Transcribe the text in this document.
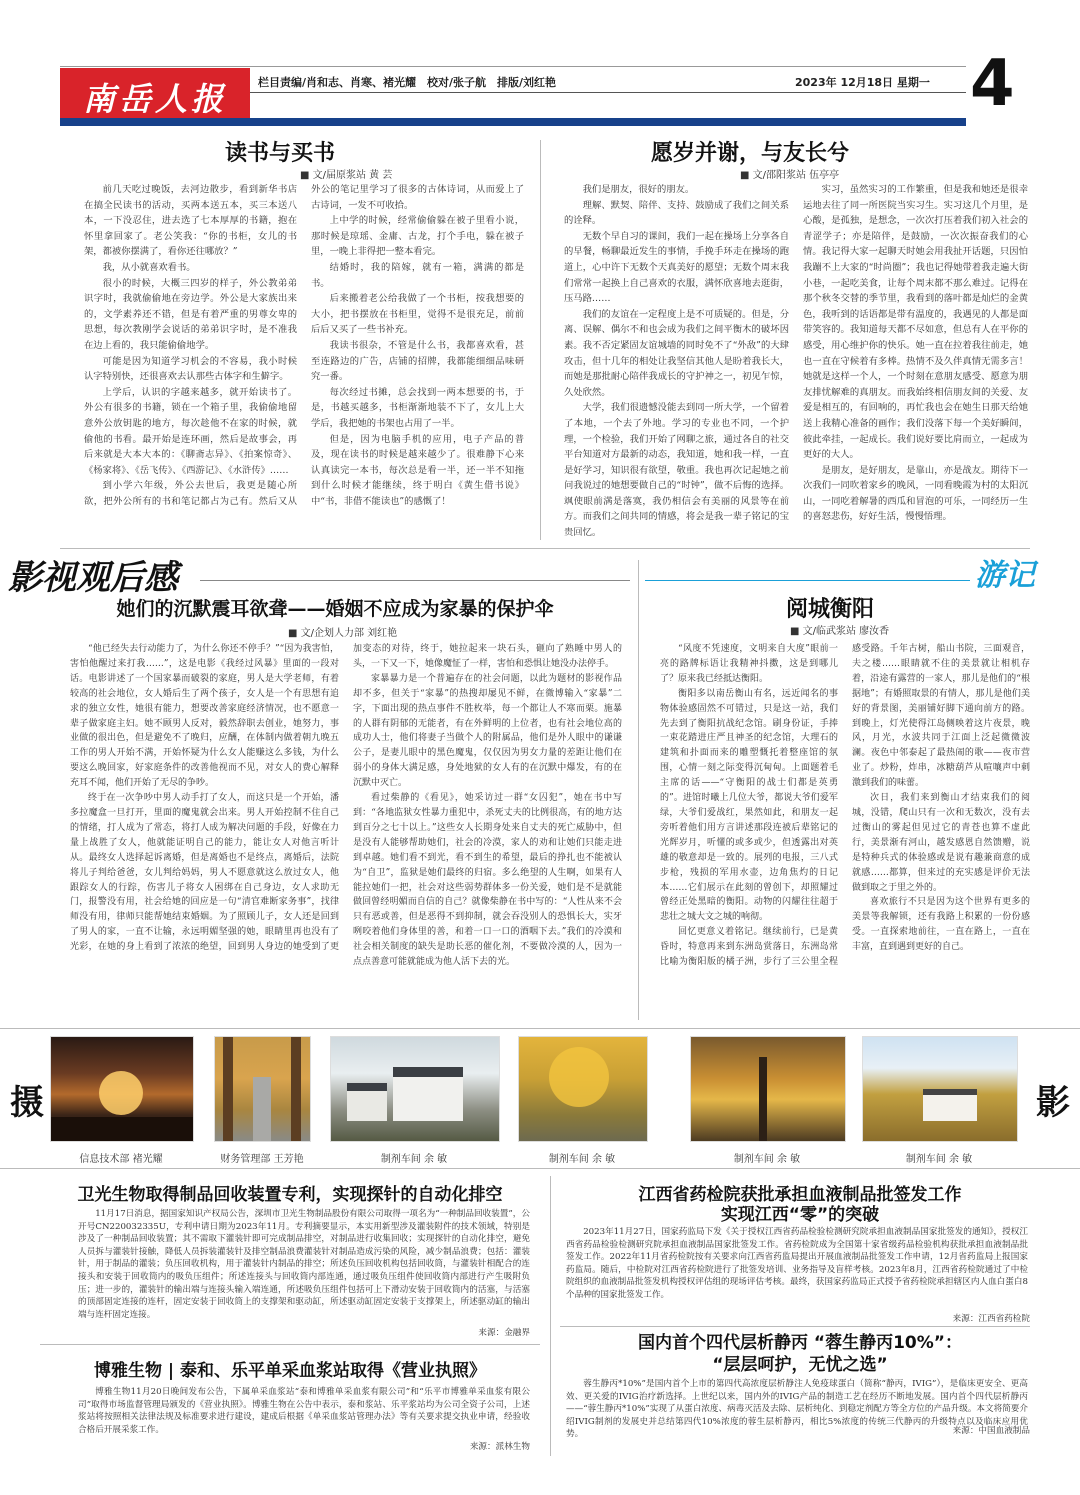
南岳人报	栏目责编/肖和志、肖寒、褚光耀　校对/张子航　排版/刘红艳	2023年 12月18日 星期一 4
读书与买书
■ 文/届原浆站 黄 芸

前几天吃过晚饭，去河边散步，看到新华书店在搞全民读书的活动，买两本送五本，买三本送八本，一下没忍住，进去选了七本厚厚的书籍，抱在怀里拿回家了。老公笑我：“你的书柜，女儿的书架，都被你摆满了，看你还往哪放？”

我，从小就喜欢看书。

很小的时候，大概三四岁的样子，外公教弟弟识字时，我就偷偷地在旁边学。外公是大家族出来的，文学素养还不错，但是有着严重的男尊女卑的思想，每次教刚学会说话的弟弟识字时，是不准我在边上看的，我只能偷偷地学。

可能是因为知道学习机会的不容易，我小时候认字特别快，还很喜欢去认那些古体字和生僻字。

上学后，认识的字越来越多，就开始读书了。外公有很多的书籍，锁在一个箱子里，我偷偷地留意外公放钥匙的地方，每次趁他不在家的时候，就偷他的书看。最开始是连环画，然后是故事会，再后来就是大本大本的：《聊斋志异》、《拍案惊奇》、《杨家将》、《岳飞传》、《西游记》、《水浒传》……

到小学六年级，外公去世后，我更是随心所欲，把外公所有的书和笔记都占为己有。然后又从外公的笔记里学习了很多的古体诗词，从而爱上了古诗词，一发不可收拾。

上中学的时候，经常偷偷躲在被子里看小说，那时候是琼瑶、金庸、古龙，打个手电，躲在被子里，一晚上非得把一整本看完。

结婚时，我的陪嫁，就有一箱，满满的都是书。

后来搬着老公给我做了一个书柜，按我想要的大小，把书摆放在书柜里，觉得不是很充足，前前后后又买了一些书补充。

我读书很杂，不管是什么书，我都喜欢看，甚至连路边的广告，店铺的招牌，我都能细细品味研究一番。

每次经过书摊，总会找到一两本想要的书，于是，书越买越多，书柜渐渐地装不下了，女儿上大学后，我把她的书架也占用了一半。

但是，因为电脑手机的应用，电子产品的普及，现在读书的时候是越来越少了。很难静下心来认真读完一本书，每次总是看一半，还一半不知拖到什么时候才能继续，终于明白《黄生借书说》中“书，非借不能读也”的感慨了！

愿岁并谢，与友长兮
■ 文/邵阳浆站 伍亭亭

我们是朋友，很好的朋友。

理解、默契、陪伴、支持、鼓励成了我们之间关系的诠释。

无数个早自习的课间，我们一起在操场上分享各自的早餐，畅聊最近发生的事情，手挽手环走在操场的跑道上，心中许下无数个天真美好的愿望；无数个周末我们常常一起换上自己喜欢的衣服，满怀欣喜地去逛街，压马路……

我们的友谊在一定程度上是不可质疑的。但是，分离、误解、偶尔不和也会成为我们之间平衡木的破坏因素。我不否定紧固友谊城墙的同时免不了“外敌”的大肆攻击，但十几年的相处让我坚信其他人是盼着我长大，而她是那批耐心陪伴我成长的守护神之一，初见乍惊，久处欣然。

大学，我们很遗憾没能去到同一所大学，一个留着了本地，一个去了外地。学习的专业也不同，一个护理，一个检验，我们开始了网聊之旅，通过各自的社交平台知道对方最新的动态，我知道，她和我一样，一直是好学习，知识很有欲望，敬重。我也再次记起她之前问我说过的她想要做自己的“时钟”，做不后悔的选择。飒使眼前满是落寞，我仍相信会有美丽的风景等在前方。而我们之间共同的情感，将会是我一辈子铭记的宝贵回忆。

实习，虽然实习的工作繁重，但是我和她还是很幸运地去往了同一所医院当实习生。实习这几个月里，是心酸，是孤独，是想念，一次次打压着我们初入社会的青涩学子；亦是陪伴，是鼓励，一次次振奋我们的心情。我记得大家一起聊天时她会用我扯开话题，只因怕我蹦不上大家的“时尚圈”；我也记得她带着我走遍大街小巷，一起吃美食，让每个周末都不那么难过。记得在那个秋冬交替的季节里，我看到的落叶都是灿烂的金黄色，我听到的话语都是带有温度的，我遇见的人都是面带笑容的。我知道每天都不尽如意，但总有人在平你的感受，用心维护你的快乐。她一直在拉着我往前走，她也一直在守候着有多棒。热情不及久伴真情无需多言！她就是这样一个人，一个时刻在意朋友感受、愿意为朋友排忧解难的真朋友。而我始终相信朋友间的关爱、友爱是相互的，有回响的，再忙我也会在她生日那天给她送上我精心准备的画作；我们没落下每一个美好瞬间，彼此牵挂，一起成长。我们说好要比肩而立，一起成为更好的大人。

是朋友，是好朋友，是靠山，亦是战友。期待下一次我们一同吹着家乡的晚风，一同看晚霞为村的太阳沉山，一同吃着解暑的西瓜和冒泡的可乐，一同经历一生的喜怒悲伤，好好生活，慢慢悟理。

影视观后感	游记
她们的沉默震耳欲聋——婚姻不应成为家暴的保护伞
■ 文/企划人力部 刘红艳

“他已经失去行动能力了，为什么你还不停手？”“因为我害怕，害怕他醒过来打我……”，这是电影《我经过风暴》里面的一段对话。电影讲述了一个国家暴而破裂的家庭，男人是大学老师，有着较高的社会地位，女人婚后生了两个孩子，女人是一个有思想有追求的独立女性，她很有能力，想要改善家庭经济情况，也不愿意一辈子做家庭主妇。她不顾男人反对，毅然辞职去创业，她努力，事业做的很出色，但是避免不了晚归，应酬，在体制内做着朝九晚五工作的男人开始不满，开始怀疑为什么女人能赚这么多钱，为什么要这么晚回家，好家庭条件的改善他视而不见，对女人的费心解释充耳不闻，他们开始了无尽的争吵。

终于在一次争吵中男人动手打了女人，而这只是一个开始，潘多拉魔盒一旦打开，里面的魔鬼就会出来。男人开始控制不住自己的情绪，打人成为了常态，将打人成为解决问题的手段，好像在力量上战胜了女人，他就能证明自己的能力，能让女人对他言听计从。最终女人选择起诉离婚，但是离婚也不是终点，离婚后，法院将儿子判给爸爸，女儿判给妈妈，男人不愿意就这么放过女人，他跟踪女人的行踪，伤害儿子将女人困绑在自己身边，女人求助无门，报警没有用，社会给她的回应是一句“清官难断家务事”，找律师没有用，律师只能帮她结束婚姻。为了照顾儿子，女人还是回到了男人的家，一直不让输，永远明媚坚强的她，眼睛里再也没有了光彩，在她的身上看到了浓浓的绝望，回到男人身边的她受到了更加变态的对待，终于，她拉起来一块石头，砸向了熟睡中男人的头，一下又一下，她像魔怔了一样，害怕和恐惧让她没办法停手。

家暴暴力是一个普遍存在的社会问题，以此为题材的影视作品却不多，但关于“家暴”的热搜却屡见不鲜，在微博输入“家暴”二字，下面出现的热点事件不胜枚举，每一个都让人不寒而栗。施暴的人群有阴郁的无能者，有在外鲜明的上位者，也有社会地位高的成功人士，他们将妻子当做个人的附属品，他们是外人眼中的谦谦公子，是妻儿眼中的黑色魔鬼，仅仅因为男女力量的差距让他们在弱小的身体大满足感，身处地狱的女人有的在沉默中爆发，有的在沉默中灭亡。

看过柴静的《看见》，她采访过一群“女囚犯”，她在书中写到：“各地监狱女性暴力重犯中，杀死丈夫的比例很高，有的地方达到百分之七十以上。”这些女人长期身处来自丈夫的死亡威胁中，但是没有人能够帮助她们，社会的冷漠，家人的劝和让她们只能走进到卓越。她们看不到光，看不到生的希望，最后的挣扎也不能被认为“自卫”，监狱是她们最终的归宿。多么绝望的人生啊，如果有人能拉她们一把，社会对这些弱势群体多一份关爱，她们是不是就能做回曾经明媚而自信的自己？就像柴静在书中写的：“人性从来不会只有恶或善，但是恶得不到抑制，就会吞没别人的恐惧长大，实牙咧咬着他们身体里的善，和着一口一口的酒咽下去。”我们的冷漠和社会相关制度的缺失是助长恶的催化剂，不要做冷漠的人，因为一点点善意可能就能成为他人活下去的光。

阅城衡阳
■ 文/临武浆站 廖汝香

“风度不凭速度，文明来自大度”眼前一亮的路牌标语让我精神抖擞，这是到哪儿了？原来我已经抵达衡阳。

衡阳多以南岳衡山有名，远近闻名的事物体验感固然不可错过，只是这一站，我们先去到了衡阳抗战纪念馆。刷身份证，手捧一束花踏进庄严且神圣的纪念馆，大理石的建筑和扑面而来的雕塑慨托着整座馆的氛围，心情一刻之际变得沉甸甸。上面题着毛主席的话——“守衡阳的战士们都是英勇的”。进馆时曦上几位大爷，都说大爷们爱军绿，大爷们爱战红，果然如此，和朋友一起旁听着他们用方言讲述那段连被后辈铭记的光辉岁月，听懂的或多或少，但透露出对英雄的敬意却是一致的。展列的电报，三八式步枪，残损的军用水壶，边角焦灼的日记本……它们展示在此刻的曾创下，却照耀过曾经正处黑暗的衡阳。动物的闪耀往往超于悲壮之城大文之城的响彻。

回忆更意义着铭记。继续前行，已是黄昏时，特意再来到东洲岛赏落日，东洲岛常比喻为衡阳版的橘子洲，步行了三公里全程感受路。千年古树，船山书院，三面观音，夫之楼……眼睛就不住的美景就让相机存着，沿途有露营的一家人，那儿是他们的“根据地”；有婚照取景的有情人，那儿是他们美好的背景图，美丽铺好脚下通向前方的路。到晚上，灯光使得江岛侧映着这片夜景，晚风，月光，水波共同于江面上泛起微微波澜。夜色中邻泰起了最热闹的歌——夜市营业了。炒粉，炸串，冰糖葫芦从喧嚷声中刺激到我们的味蕾。

次日，我们来到衡山才结束我们的阅城，没错，爬山只有一次和无数次，没有去过衡山的雾起但见过它的青苍也算不虚此行，美景渐有河山，越发感恩自然馈赠，说是特种兵式的体验感或是说有趣兼商意的成就感……都算，但来过的充实感是评价无法做到取之于里之外的。

喜欢旅行不只是因为这个世界有更多的美景等我解锁，还有我路上积累的一份份感受。一直探索地前往，一直在路上，一直在丰富，直到遇到更好的自己。

摄	影
信息技术部 褚光耀	财务管理部 王芳艳	制剂车间 余 敏	制剂车间 余 敏	制剂车间 余 敏	制剂车间 余 敏
卫光生物取得制品回收装置专利，实现探针的自动化排空

11月17日消息，据国家知识产权局公告，深圳市卫光生物制品股份有限公司取得一项名为“一种制品回收装置”，公开号CN220032335U，专利申请日期为2023年11月。专利摘要显示，本实用新型涉及灌装附件的技术领域，特别是涉及了一种制品回收装置；其不需取下灌装针即可完成制品排空，对制品进行收集回收；实现探针的自动化排空，避免人员拆与灌装针接触，降低人员拆装灌装针及排空制品浪费灌装针对制品造成污染的风险，减少制品浪费；包括：灌装针，用于制品的灌装；负压回收机构，用于灌装针内制品的排空；所述负压回收机构包括回收筒，与灌装针相配合的连接头和安装于回收筒内的吸负压组件；所述连接头与回收筒内部连通，通过吸负压组件使回收筒内部进行产生吸附负压；进一步的，灌装针的输出端与连接头输入端连通，所述吸负压组件包括可上下滑动安装于回收筒内的活塞，与活塞的顶部固定连接的连杆，固定安装于回收筒上的支撑架和驱动缸，所述驱动缸固定安装于支撑架上，所述驱动缸的输出端与连杆固定连接。

来源：金融界
博雅生物 | 泰和、乐平单采血浆站取得《营业执照》

博雅生物11月20日晚间发布公告，下属单采血浆站“泰和博雅单采血浆有限公司”和“乐平市博雅单采血浆有限公司”取得市场监督管理局颁发的《营业执照》。博雅生物在公告中表示，泰和浆站、乐平浆站均为公司全资子公司，上述浆站将按照相关法律法规及标准要求进行建设，建成后根据《单采血浆站管理办法》等有关要求提交执业申请，经验收合格后开展采浆工作。

来源：派林生物
江西省药检院获批承担血液制品批签发工作
实现江西“零”的突破

2023年11月27日，国家药监局下发《关于授权江西省药品检验检测研究院承担血液制品国家批签发的通知》，授权江西省药品检验检测研究院承担血液制品国家批签发工作。省药检院成为全国第十家省级药品检验机构获批承担血液制品批签发工作。2022年11月省药检院按有关要求向江西省药监局提出开展血液制品批签发工作申请，12月省药监局上报国家药监局。随后，中检院对江西省药检院进行了批签发培训、业务指导及盲样考核。2023年8月，江西省药检院通过了中检院组织的血液制品批签发机构授权评估组的现场评估考核。最终，获国家药监局正式授予省药检院承担辖区内人血白蛋白8个品种的国家批签发工作。

来源：江西省药检院
国内首个四代层析静丙 “蓉生静丙10%”：
“层层呵护，无忧之选”

蓉生静丙*10%”是国内首个上市的第四代高浓度层析静注人免疫球蛋白（简称“静丙，IVIG”），是临床更安全、更高效、更关爱的IVIG治疗新选择。上世纪以来，国内外的IVIG产品的制造工艺在经历不断地发展。国内首个四代层析静丙——“蓉生静丙*10%”实现了从蛋白浓度、病毒灭活及去除、层析纯化、到稳定剂配方等全方位的产品升级。本文将简要介绍IVIG制剂的发展史并总结第四代10%浓度的蓉生层析静丙，相比5%浓度的传统三代静丙的升级特点以及临床应用优势。	来源：中国血液制品
